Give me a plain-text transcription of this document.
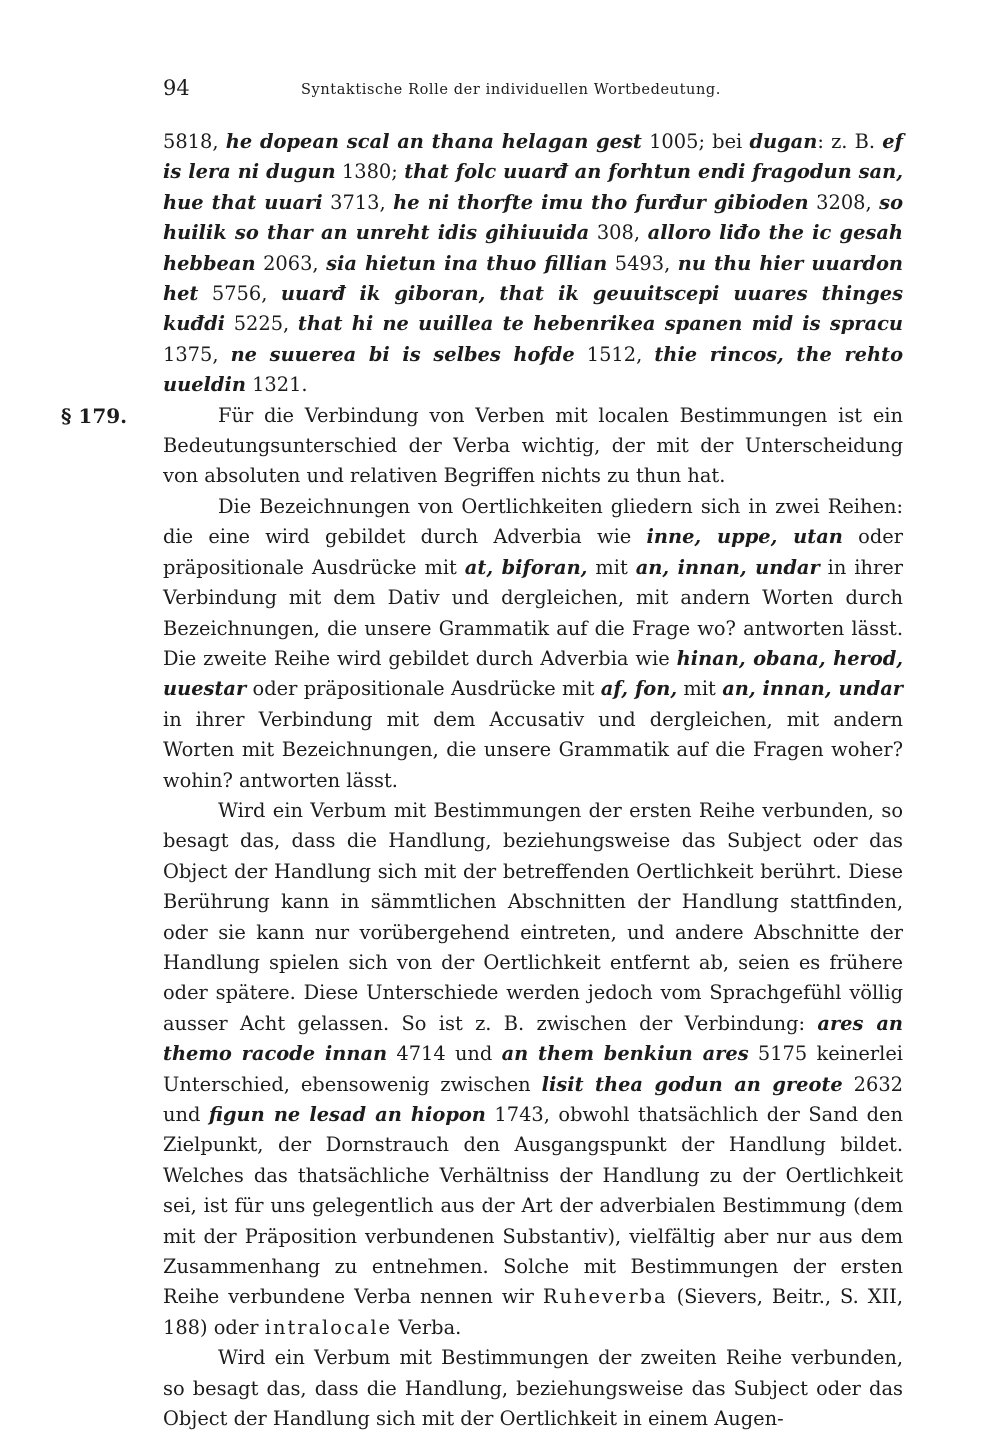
94	Syntaktische Rolle der individuellen Wortbedeutung.

5818, he dopean scal an thana helagan gest 1005; bei dugan: z. B. ef is lera ni dugun 1380; that folc uuarđ an forhtun endi fragodun san, hue that uuari 3713, he ni thorfte imu tho furđur gibioden 3208, so huilik so thar an unreht idis gihiuuida 308, alloro liđo the ic gesah hebbean 2063, sia hietun ina thuo fillian 5493, nu thu hier uuardon het 5756, uuarđ ik giboran, that ik geuuitscepi uuares thinges kuđdi 5225, that hi ne uuillea te hebenrikea spanen mid is spracu 1375, ne suuerea bi is selbes hofde 1512, thie rincos, the rehto uueldin 1321.

§ 179.	Für die Verbindung von Verben mit localen Bestimmungen ist ein Bedeutungsunterschied der Verba wichtig, der mit der Unterscheidung von absoluten und relativen Begriffen nichts zu thun hat.

Die Bezeichnungen von Oertlichkeiten gliedern sich in zwei Reihen: die eine wird gebildet durch Adverbia wie inne, uppe, utan oder präpositionale Ausdrücke mit at, biforan, mit an, innan, undar in ihrer Verbindung mit dem Dativ und dergleichen, mit andern Worten durch Bezeichnungen, die unsere Grammatik auf die Frage wo? antworten lässt. Die zweite Reihe wird gebildet durch Adverbia wie hinan, obana, herod, uuestar oder präpositionale Ausdrücke mit af, fon, mit an, innan, undar in ihrer Verbindung mit dem Accusativ und dergleichen, mit andern Worten mit Bezeichnungen, die unsere Grammatik auf die Fragen woher? wohin? antworten lässt.

Wird ein Verbum mit Bestimmungen der ersten Reihe verbunden, so besagt das, dass die Handlung, beziehungsweise das Subject oder das Object der Handlung sich mit der betreffenden Oertlichkeit berührt. Diese Berührung kann in sämmtlichen Abschnitten der Handlung stattfinden, oder sie kann nur vorübergehend eintreten, und andere Abschnitte der Handlung spielen sich von der Oertlichkeit entfernt ab, seien es frühere oder spätere. Diese Unterschiede werden jedoch vom Sprachgefühl völlig ausser Acht gelassen. So ist z. B. zwischen der Verbindung: ares an themo racode innan 4714 und an them benkiun ares 5175 keinerlei Unterschied, ebensowenig zwischen lisit thea godun an greote 2632 und figun ne lesad an hiopon 1743, obwohl thatsächlich der Sand den Zielpunkt, der Dornstrauch den Ausgangspunkt der Handlung bildet. Welches das thatsächliche Verhältniss der Handlung zu der Oertlichkeit sei, ist für uns gelegentlich aus der Art der adverbialen Bestimmung (dem mit der Präposition verbundenen Substantiv), vielfältig aber nur aus dem Zusammenhang zu entnehmen. Solche mit Bestimmungen der ersten Reihe verbundene Verba nennen wir Ruheverba (Sievers, Beitr., S. XII, 188) oder intralocale Verba.

Wird ein Verbum mit Bestimmungen der zweiten Reihe verbunden, so besagt das, dass die Handlung, beziehungsweise das Subject oder das Object der Handlung sich mit der Oertlichkeit in einem Augen-
